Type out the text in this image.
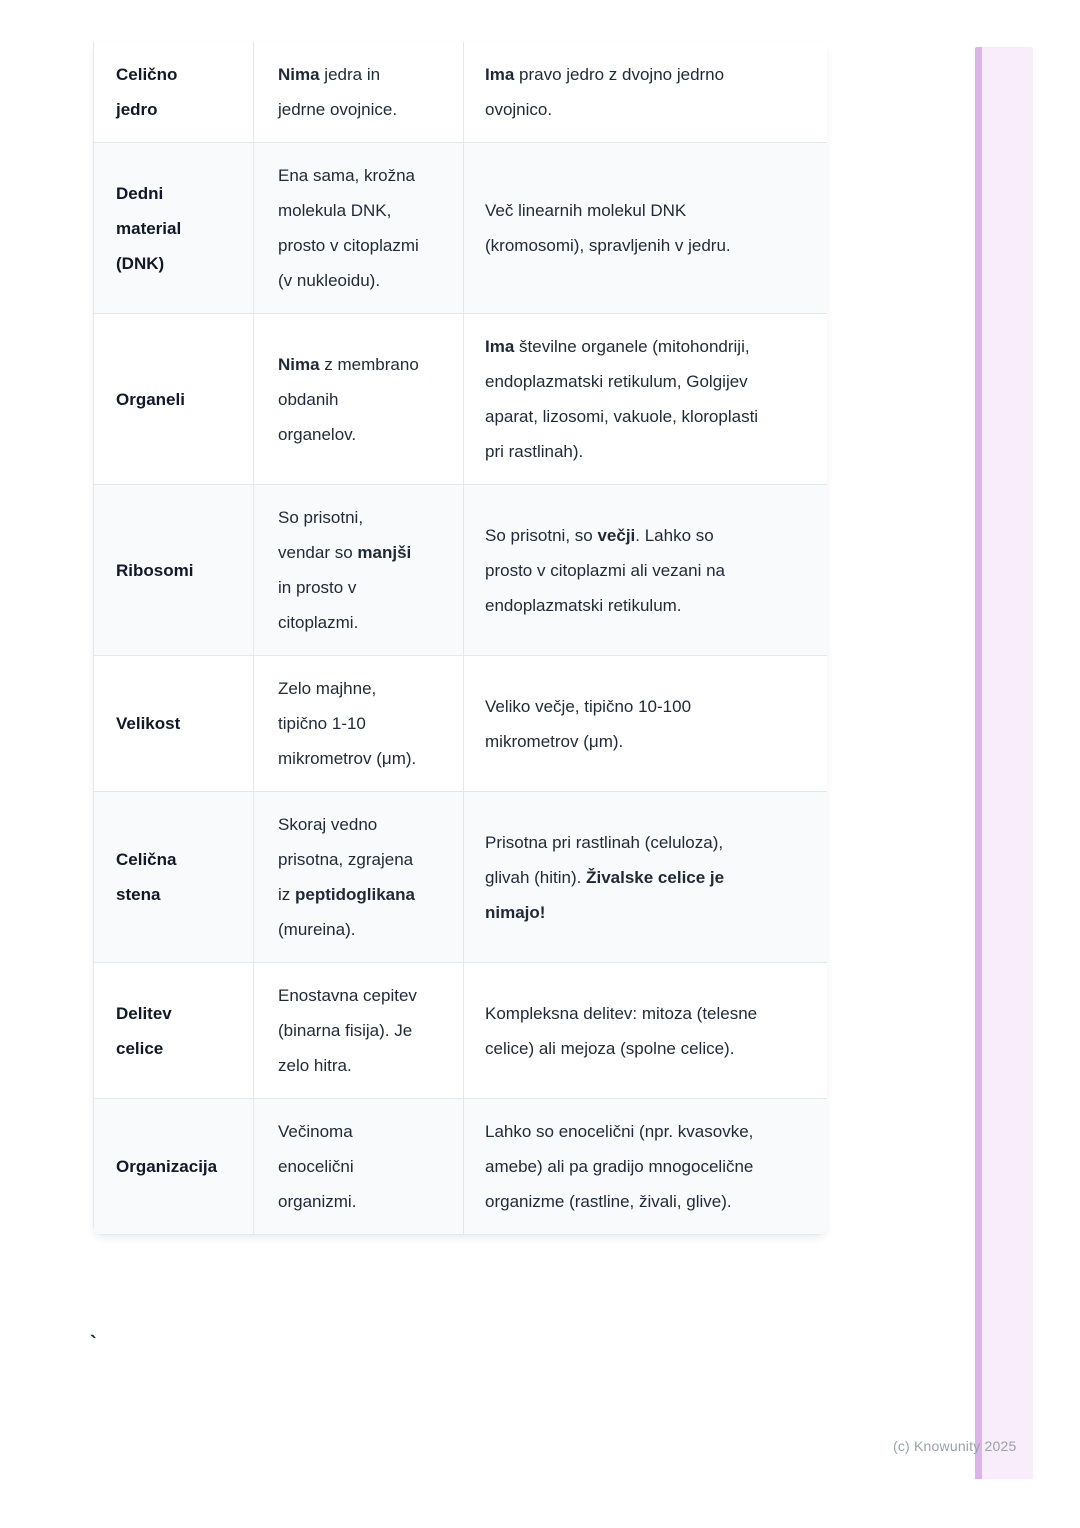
Celično
jedro	Nima jedra in jedrne ovojnice.	Ima pravo jedro z dvojno jedrno ovojnico.
Dedni
material
(DNK)	Ena sama, krožna molekula DNK, prosto v citoplazmi (v nukleoidu).	Več linearnih molekul DNK (kromosomi), spravljenih v jedru.
Organeli	Nima z membrano obdanih organelov.	Ima številne organele (mitohondriji, endoplazmatski retikulum, Golgijev aparat, lizosomi, vakuole, kloroplasti pri rastlinah).
Ribosomi	So prisotni, vendar so manjši in prosto v citoplazmi.	So prisotni, so večji. Lahko so prosto v citoplazmi ali vezani na endoplazmatski retikulum.
Velikost	Zelo majhne, tipično 1-10 mikrometrov (μm).	Veliko večje, tipično 10-100 mikrometrov (μm).
Celična
stena	Skoraj vedno prisotna, zgrajena iz peptidoglikana (mureina).	Prisotna pri rastlinah (celuloza), glivah (hitin). Živalske celice je nimajo!
Delitev
celice	Enostavna cepitev (binarna fisija). Je zelo hitra.	Kompleksna delitev: mitoza (telesne celice) ali mejoza (spolne celice).
Organizacija	Večinoma enocelični organizmi.	Lahko so enocelični (npr. kvasovke, amebe) ali pa gradijo mnogocelične organizme (rastline, živali, glive).
`
(c) Knowunity 2025
